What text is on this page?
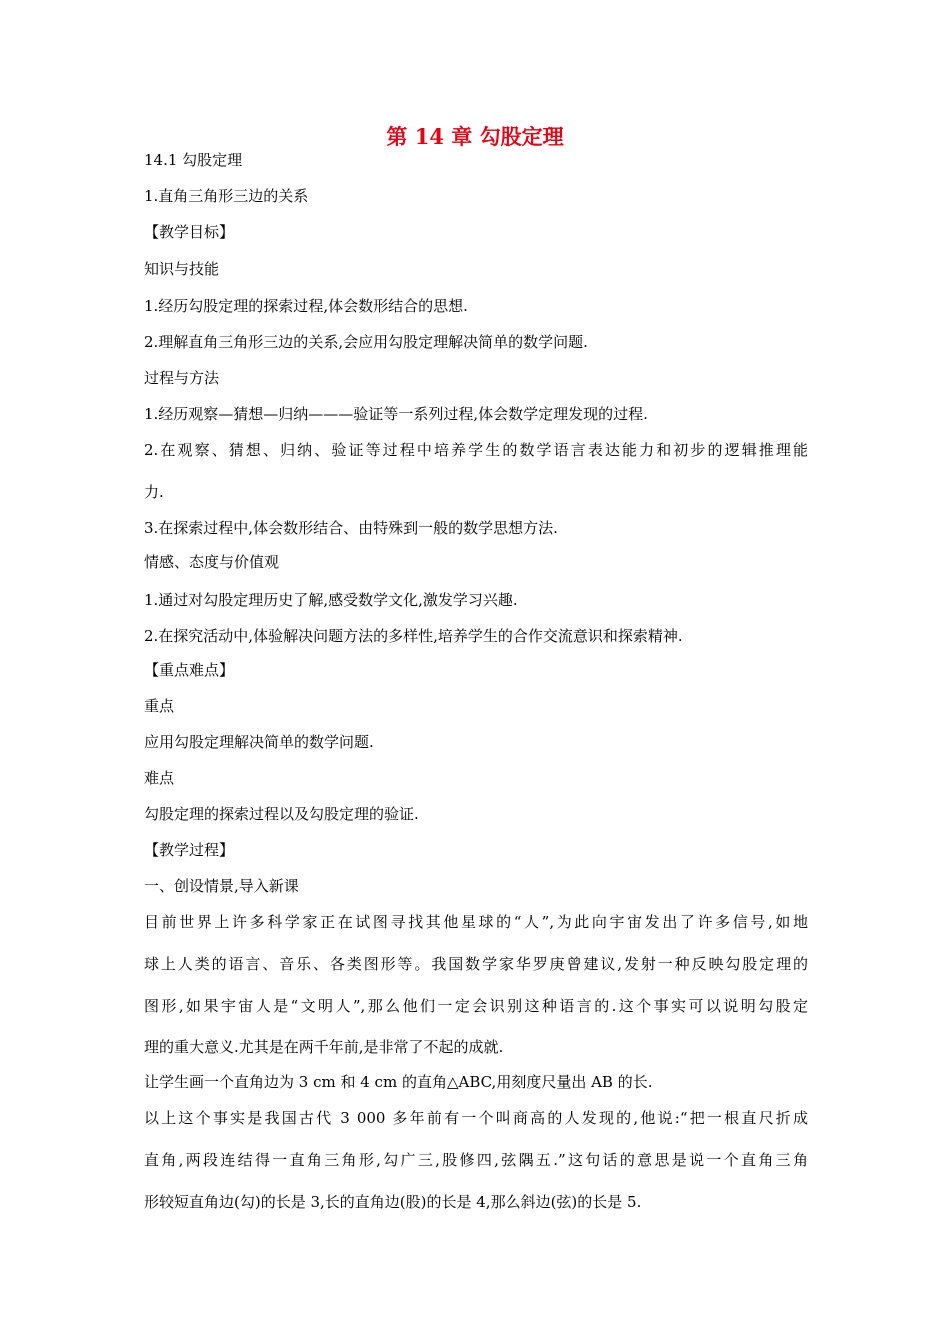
第 14 章 勾股定理
14.1 勾股定理
1.直角三角形三边的关系
【教学目标】
知识与技能
1.经历勾股定理的探索过程,体会数形结合的思想.
2.理解直角三角形三边的关系,会应用勾股定理解决简单的数学问题.
过程与方法
1.经历观察—猜想—归纳———验证等一系列过程,体会数学定理发现的过程.
2.在观察、猜想、归纳、验证等过程中培养学生的数学语言表达能力和初步的逻辑推理能
力.
3.在探索过程中,体会数形结合、由特殊到一般的数学思想方法.
情感、态度与价值观
1.通过对勾股定理历史了解,感受数学文化,激发学习兴趣.
2.在探究活动中,体验解决问题方法的多样性,培养学生的合作交流意识和探索精神.
【重点难点】
重点
应用勾股定理解决简单的数学问题.
难点
勾股定理的探索过程以及勾股定理的验证.
【教学过程】
一、创设情景,导入新课
目前世界上许多科学家正在试图寻找其他星球的“人”,为此向宇宙发出了许多信号,如地
球上人类的语言、音乐、各类图形等。我国数学家华罗庚曾建议,发射一种反映勾股定理的
图形,如果宇宙人是“文明人”,那么他们一定会识别这种语言的.这个事实可以说明勾股定
理的重大意义.尤其是在两千年前,是非常了不起的成就.
让学生画一个直角边为 3 cm 和 4 cm 的直角△ABC,用刻度尺量出 AB 的长.
以上这个事实是我国古代 3 000 多年前有一个叫商高的人发现的,他说:“把一根直尺折成
直角,两段连结得一直角三角形,勾广三,股修四,弦隅五.”这句话的意思是说一个直角三角
形较短直角边(勾)的长是 3,长的直角边(股)的长是 4,那么斜边(弦)的长是 5.
